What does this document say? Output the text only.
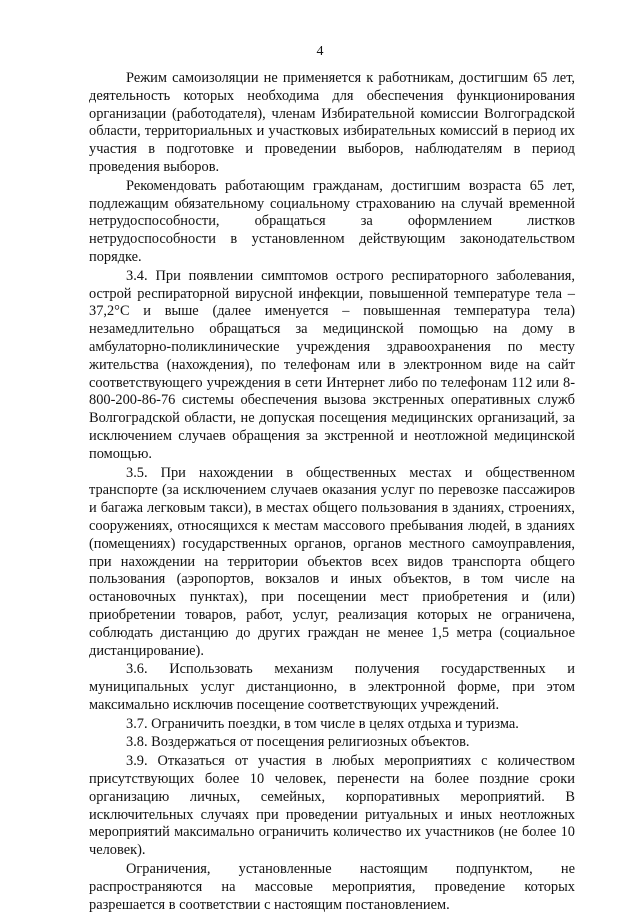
4

Режим самоизоляции не применяется к работникам, достигшим 65 лет, деятельность которых необходима для обеспечения функционирования организации (работодателя), членам Избирательной комиссии Волгоградской области, территориальных и участковых избирательных комиссий в период их участия в подготовке и проведении выборов, наблюдателям в период проведения выборов.

Рекомендовать работающим гражданам, достигшим возраста 65 лет, подлежащим обязательному социальному страхованию на случай временной нетрудоспособности, обращаться за оформлением листков нетрудоспособности в установленном действующим законодательством порядке.

3.4. При появлении симптомов острого респираторного заболевания, острой респираторной вирусной инфекции, повышенной температуре тела – 37,2°C и выше (далее именуется – повышенная температура тела) незамедлительно обращаться за медицинской помощью на дому в амбулаторно-поликлинические учреждения здравоохранения по месту жительства (нахождения), по телефонам или в электронном виде на сайт соответствующего учреждения в сети Интернет либо по телефонам 112 или 8-800-200-86-76 системы обеспечения вызова экстренных оперативных служб Волгоградской области, не допуская посещения медицинских организаций, за исключением случаев обращения за экстренной и неотложной медицинской помощью.

3.5. При нахождении в общественных местах и общественном транспорте (за исключением случаев оказания услуг по перевозке пассажиров и багажа легковым такси), в местах общего пользования в зданиях, строениях, сооружениях, относящихся к местам массового пребывания людей, в зданиях (помещениях) государственных органов, органов местного самоуправления, при нахождении на территории объектов всех видов транспорта общего пользования (аэропортов, вокзалов и иных объектов, в том числе на остановочных пунктах), при посещении мест приобретения и (или) приобретении товаров, работ, услуг, реализация которых не ограничена, соблюдать дистанцию до других граждан не менее 1,5 метра (социальное дистанцирование).

3.6. Использовать механизм получения государственных и муниципальных услуг дистанционно, в электронной форме, при этом максимально исключив посещение соответствующих учреждений.

3.7. Ограничить поездки, в том числе в целях отдыха и туризма.

3.8. Воздержаться от посещения религиозных объектов.

3.9. Отказаться от участия в любых мероприятиях с количеством присутствующих более 10 человек, перенести на более поздние сроки организацию личных, семейных, корпоративных мероприятий. В исключительных случаях при проведении ритуальных и иных неотложных мероприятий максимально ограничить количество их участников (не более 10 человек).

Ограничения, установленные настоящим подпунктом, не распространяются на массовые мероприятия, проведение которых разрешается в соответствии с настоящим постановлением.
